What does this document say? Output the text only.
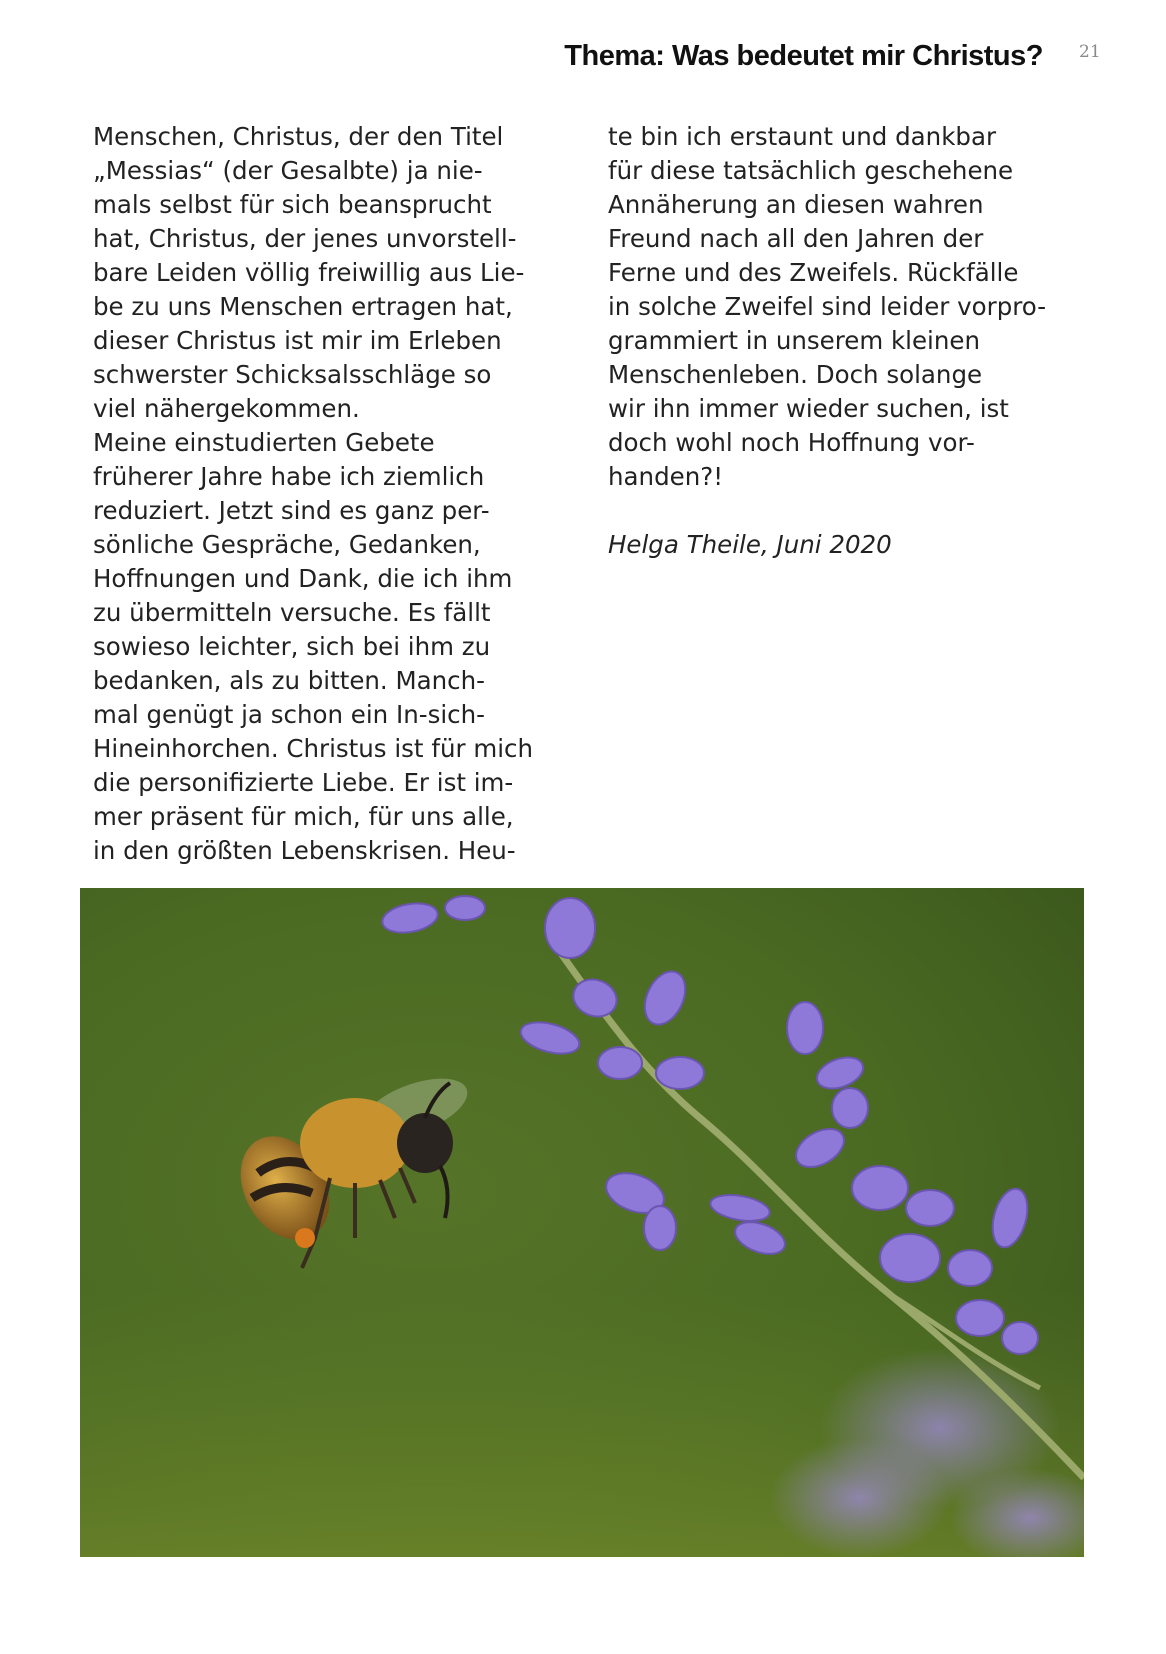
Thema: Was bedeutet mir Christus? 21
Menschen, Christus, der den Titel
„Messias“ (der Gesalbte) ja nie-
mals selbst für sich beansprucht
hat, Christus, der jenes unvorstell-
bare Leiden völlig freiwillig aus Lie-
be zu uns Menschen ertragen hat,
dieser Christus ist mir im Erleben
schwerster Schicksalsschläge so
viel nähergekommen.
Meine einstudierten Gebete
früherer Jahre habe ich ziemlich
reduziert. Jetzt sind es ganz per-
sönliche Gespräche, Gedanken,
Hoffnungen und Dank, die ich ihm
zu übermitteln versuche. Es fällt
sowieso leichter, sich bei ihm zu
bedanken, als zu bitten. Manch-
mal genügt ja schon ein In-sich-
Hineinhorchen. Christus ist für mich
die personifizierte Liebe. Er ist im-
mer präsent für mich, für uns alle,
in den größten Lebenskrisen. Heu-
te bin ich erstaunt und dankbar
für diese tatsächlich geschehene
Annäherung an diesen wahren
Freund nach all den Jahren der
Ferne und des Zweifels. Rückfälle
in solche Zweifel sind leider vorpro-
grammiert in unserem kleinen
Menschenleben. Doch solange
wir ihn immer wieder suchen, ist
doch wohl noch Hoffnung vor-
handen?!
Helga Theile, Juni 2020
